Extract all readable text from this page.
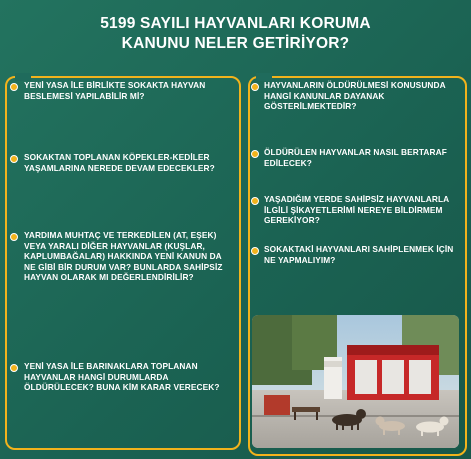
5199 SAYILI HAYVANLARI KORUMA KANUNU NELER GETİRİYOR?
YENİ YASA İLE BİRLİKTE SOKAKTA HAYVAN BESLEMESİ YAPILABİLİR Mİ?

SOKAKTAN TOPLANAN KÖPEKLER-KEDİLER YAŞAMLARINA NEREDE DEVAM EDECEKLER?

YARDIMA MUHTAÇ VE TERKEDİLEN (AT, EŞEK) VEYA YARALI DİĞER HAYVANLAR (KUŞLAR, KAPLUMBAĞALAR) HAKKINDA YENİ KANUN DA NE GİBİ BİR DURUM VAR? BUNLARDA SAHİPSİZ HAYVAN OLARAK MI DEĞERLENDİRİLİR?

YENİ YASA İLE BARINAKLARA TOPLANAN HAYVANLAR HANGİ DURUMLARDA ÖLDÜRÜLECEK? BUNA KİM KARAR VERECEK?

HAYVANLARIN ÖLDÜRÜLMESİ KONUSUNDA HANGİ KANUNLAR DAYANAK GÖSTERİLMEKTEDİR?

ÖLDÜRÜLEN HAYVANLAR NASIL BERTARAF EDİLECEK?

YAŞADIĞIM YERDE SAHİPSİZ HAYVANLARLA İLGİLİ ŞİKAYETLERİMİ NEREYE BİLDİRMEM GEREKİYOR?

SOKAKTAKİ HAYVANLARI SAHİPLENMEK İÇİN NE YAPMALIYIM?
